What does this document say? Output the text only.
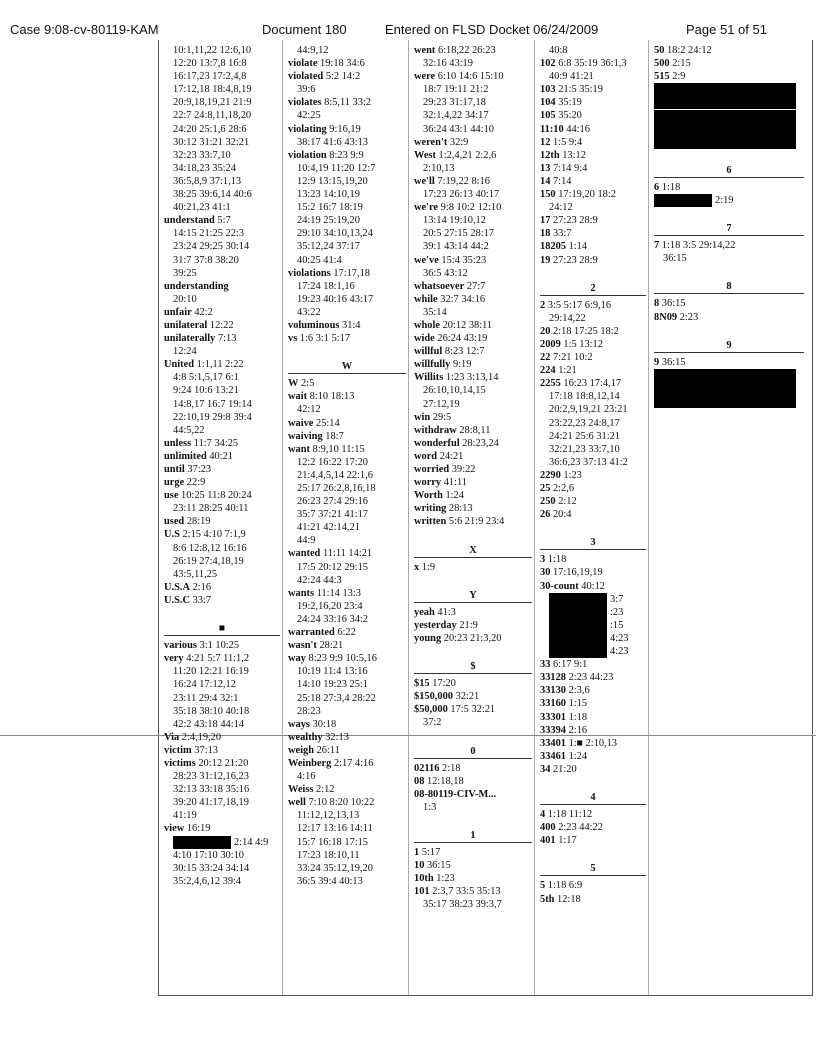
Case 9:08-cv-80119-KAM	Document 180	Entered on FLSD Docket 06/24/2009	Page 51 of 51
10:1,11,22 12:6,10
12:20 13:7,8 16:8
16:17,23 17:2,4,8
17:12,18 18:4,8,19
20:9,18,19,21 21:9
22:7 24:8,11,18,20
24:20 25:1,6 28:6
30:12 31:21 32:21
32:23 33:7,10
34:18,23 35:24
36:5,8,9 37:1,13
38:25 39:6,14 40:6
40:21,23 41:1
understand 5:7
14:15 21:25 22:3
23:24 29:25 30:14
31:7 37:8 38:20
39:25
understanding
20:10
unfair 42:2
unilateral 12:22
unilaterally 7:13
12:24
United 1:1,11 2:22
4:8 5:1,5,17 6:1
9:24 10:6 13:21
14:8,17 16:7 19:14
22:10,19 29:8 39:4
44:5,22
unless 11:7 34:25
unlimited 40:21
until 37:23
urge 22:9
use 10:25 11:8 20:24
23:11 28:25 40:11
used 28:19
U.S 2:15 4:10 7:1,9
8:6 12:8,12 16:16
26:19 27:4,18,19
43:5,11,25
U.S.A 2:16
U.S.C 33:7
■
various 3:1 10:25
very 4:21 5:7 11:1,2
11:20 12:21 16:19
16:24 17:12,12
23:11 29:4 32:1
35:18 38:10 40:18
42:2 43:18 44:14
Via 2:4,19,20
victim 37:13
victims 20:12 21:20
28:23 31:12,16,23
32:13 33:18 35:16
39:20 41:17,18,19
41:19
view 16:19
2:14 4:9
4:10 17:10 30:10
30:15 33:24 34:14
35:2,4,6,12 39:4
44:9,12
violate 19:18 34:6
violated 5:2 14:2
39:6
violates 8:5,11 33:2
42:25
violating 9:16,19
38:17 41:6 43:13
violation 8:23 9:9
10:4,19 11:20 12:7
12:9 13:15,19,20
13:23 14:10,19
15:2 16:7 18:19
24:19 25:19,20
29:10 34:10,13,24
35:12,24 37:17
40:25 41:4
violations 17:17,18
17:24 18:1,16
19:23 40:16 43:17
43:22
voluminous 31:4
vs 1:6 3:1 5:17
W
W 2:5
wait 8:10 18:13
42:12
waive 25:14
waiving 18:7
want 8:9,10 11:15
12:2 16:22 17:20
21:4,4,5,14 22:1,6
25:17 26:2,8,16,18
26:23 27:4 29:16
35:7 37:21 41:17
41:21 42:14,21
44:9
wanted 11:11 14:21
17:5 20:12 29:15
42:24 44:3
wants 11:14 13:3
19:2,16,20 23:4
24:24 33:16 34:2
warranted 6:22
wasn't 28:21
way 8:23 9:9 10:5,16
10:19 11:4 13:16
14:10 19:23 25:1
25:18 27:3,4 28:22
28:23
ways 30:18
wealthy 32:13
weigh 26:11
Weinberg 2:17 4:16
4:16
Weiss 2:12
well 7:10 8:20 10:22
11:12,12,13,13
12:17 13:16 14:11
15:7 16:18 17:15
17:23 18:10,11
33:24 35:12,19,20
36:5 39:4 40:13
went 6:18,22 26:23
32:16 43:19
were 6:10 14:6 15:10
18:7 19:11 21:2
29:23 31:17,18
32:1,4,22 34:17
36:24 43:1 44:10
weren't 32:9
West 1:2,4,21 2:2,6
2:10,13
we'll 7:19,22 8:16
17:23 26:13 40:17
we're 9:8 10:2 12:10
13:14 19:10,12
20:5 27:15 28:17
39:1 43:14 44:2
we've 15:4 35:23
36:5 43:12
whatsoever 27:7
while 32:7 34:16
35:14
whole 20:12 38:11
wide 26:24 43:19
willful 8:23 12:7
willfully 9:19
Willits 1:23 3:13,14
26:10,10,14,15
27:12,19
win 29:5
withdraw 28:8,11
wonderful 28:23,24
word 24:21
worried 39:22
worry 41:11
Worth 1:24
writing 28:13
written 5:6 21:9 23:4
X
x 1:9
Y
yeah 41:3
yesterday 21:9
young 20:23 21:3,20
$
$15 17:20
$150,000 32:21
$50,000 17:5 32:21
37:2
0
02116 2:18
08 12:18,18
08-80119-CIV-M...
1:3
1
1 5:17
10 36:15
10th 1:23
101 2:3,7 33:5 35:13
35:17 38:23 39:3,7
40:8
102 6:8 35:19 36:1,3
40:9 41:21
103 21:5 35:19
104 35:19
105 35:20
11:10 44:16
12 1:5 9:4
12th 13:12
13 7:14 9:4
14 7:14
150 17:19,20 18:2
24:12
17 27:23 28:9
18 33:7
18205 1:14
19 27:23 28:9
2
2 3:5 5:17 6:9,16
29:14,22
20 2:18 17:25 18:2
2009 1:5 13:12
22 7:21 10:2
224 1:21
2255 16:23 17:4,17
17:18 18:8,12,14
20:2,9,19,21 23:21
23:22,23 24:8,17
24:21 25:6 31:21
32:21,23 33:7,10
36:6,23 37:13 41:2
2290 1:23
25 2:2,6
250 2:12
26 20:4
3
3 1:18
30 17:16,19,19
30-count 40:12
3:7
:23
:15
4:23
4:23
33 6:17 9:1
33128 2:23 44:23
33130 2:3,6
33160 1:15
33301 1:18
33394 2:16
33401 1:■ 2:10,13
33461 1:24
34 21:20
4
4 1:18 11:12
400 2:23 44:22
401 1:17
5
5 1:18 6:9
5th 12:18
50 18:2 24:12
500 2:15
515 2:9
6
6 1:18
2:19
7
7 1:18 3:5 29:14,22
36:15
8
8 36:15
8N09 2:23
9
9 36:15
